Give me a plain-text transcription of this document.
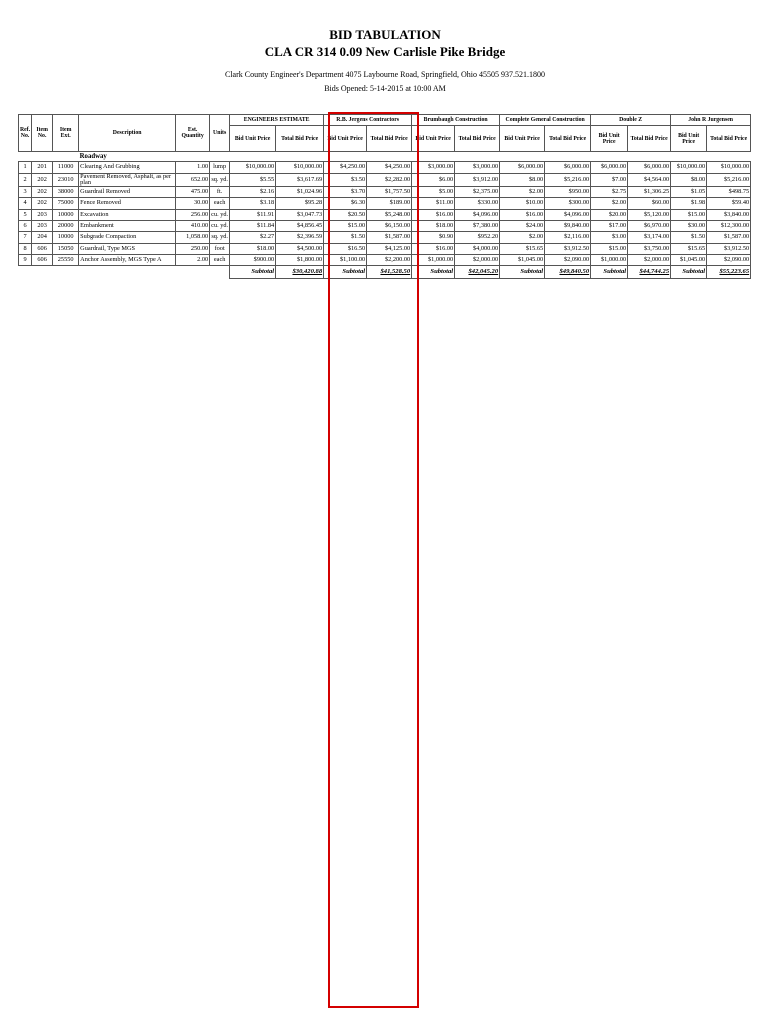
BID TABULATION
CLA CR 314 0.09 New Carlisle Pike Bridge
Clark County Engineer's Department 4075 Laybourne Road, Springfield, Ohio 45505 937.521.1800
Bids Opened: 5-14-2015 at 10:00 AM
Ref. No.	Item No.	Item Ext.	Description	Est. Quantity	Units	ENGINEERS ESTIMATE		R.B. Jergens Contractors		Brumbaugh Construction		Complete General Construction		Double Z		John R Jurgensen	
						Bid Unit Price	Total Bid Price	Bid Unit Price	Total Bid Price	Bid Unit Price	Total Bid Price	Bid Unit Price	Total Bid Price	Bid Unit Price	Total Bid Price	Bid Unit Price	Total Bid Price
			Roadway														
1	201	11000	Clearing And Grubbing	1.00	lump	$10,000.00	$10,000.00	$4,250.00	$4,250.00	$3,000.00	$3,000.00	$6,000.00	$6,000.00	$6,000.00	$6,000.00	$10,000.00	$10,000.00
2	202	23010	Pavement Removed, Asphalt, as per plan	652.00	sq. yd.	$5.55	$3,617.69	$3.50	$2,282.00	$6.00	$3,912.00	$8.00	$5,216.00	$7.00	$4,564.00	$8.00	$5,216.00
3	202	38000	Guardrail Removed	475.00	ft.	$2.16	$1,024.96	$3.70	$1,757.50	$5.00	$2,375.00	$2.00	$950.00	$2.75	$1,306.25	$1.05	$498.75
4	202	75000	Fence Removed	30.00	each	$3.18	$95.28	$6.30	$189.00	$11.00	$330.00	$10.00	$300.00	$2.00	$60.00	$1.98	$59.40
5	203	10000	Excavation	256.00	cu. yd.	$11.91	$3,047.73	$20.50	$5,248.00	$16.00	$4,096.00	$16.00	$4,096.00	$20.00	$5,120.00	$15.00	$3,840.00
6	203	20000	Embankment	410.00	cu. yd.	$11.84	$4,856.45	$15.00	$6,150.00	$18.00	$7,380.00	$24.00	$9,840.00	$17.00	$6,970.00	$30.00	$12,300.00
7	204	10000	Subgrade Compaction	1,058.00	sq. yd.	$2.27	$2,396.59	$1.50	$1,587.00	$0.90	$952.20	$2.00	$2,116.00	$3.00	$3,174.00	$1.50	$1,587.00
8	606	15050	Guardrail, Type MGS	250.00	foot	$18.00	$4,500.00	$16.50	$4,125.00	$16.00	$4,000.00	$15.65	$3,912.50	$15.00	$3,750.00	$15.65	$3,912.50
9	606	25550	Anchor Assembly, MGS Type A	2.00	each	$900.00	$1,800.00	$1,100.00	$2,200.00	$1,000.00	$2,000.00	$1,045.00	$2,090.00	$1,000.00	$2,000.00	$1,045.00	$2,090.00
						Subtotal	$30,420.88	Subtotal	$41,528.50	Subtotal	$42,045.20	Subtotal	$49,840.50	Subtotal	$44,744.25	Subtotal	$55,223.65
